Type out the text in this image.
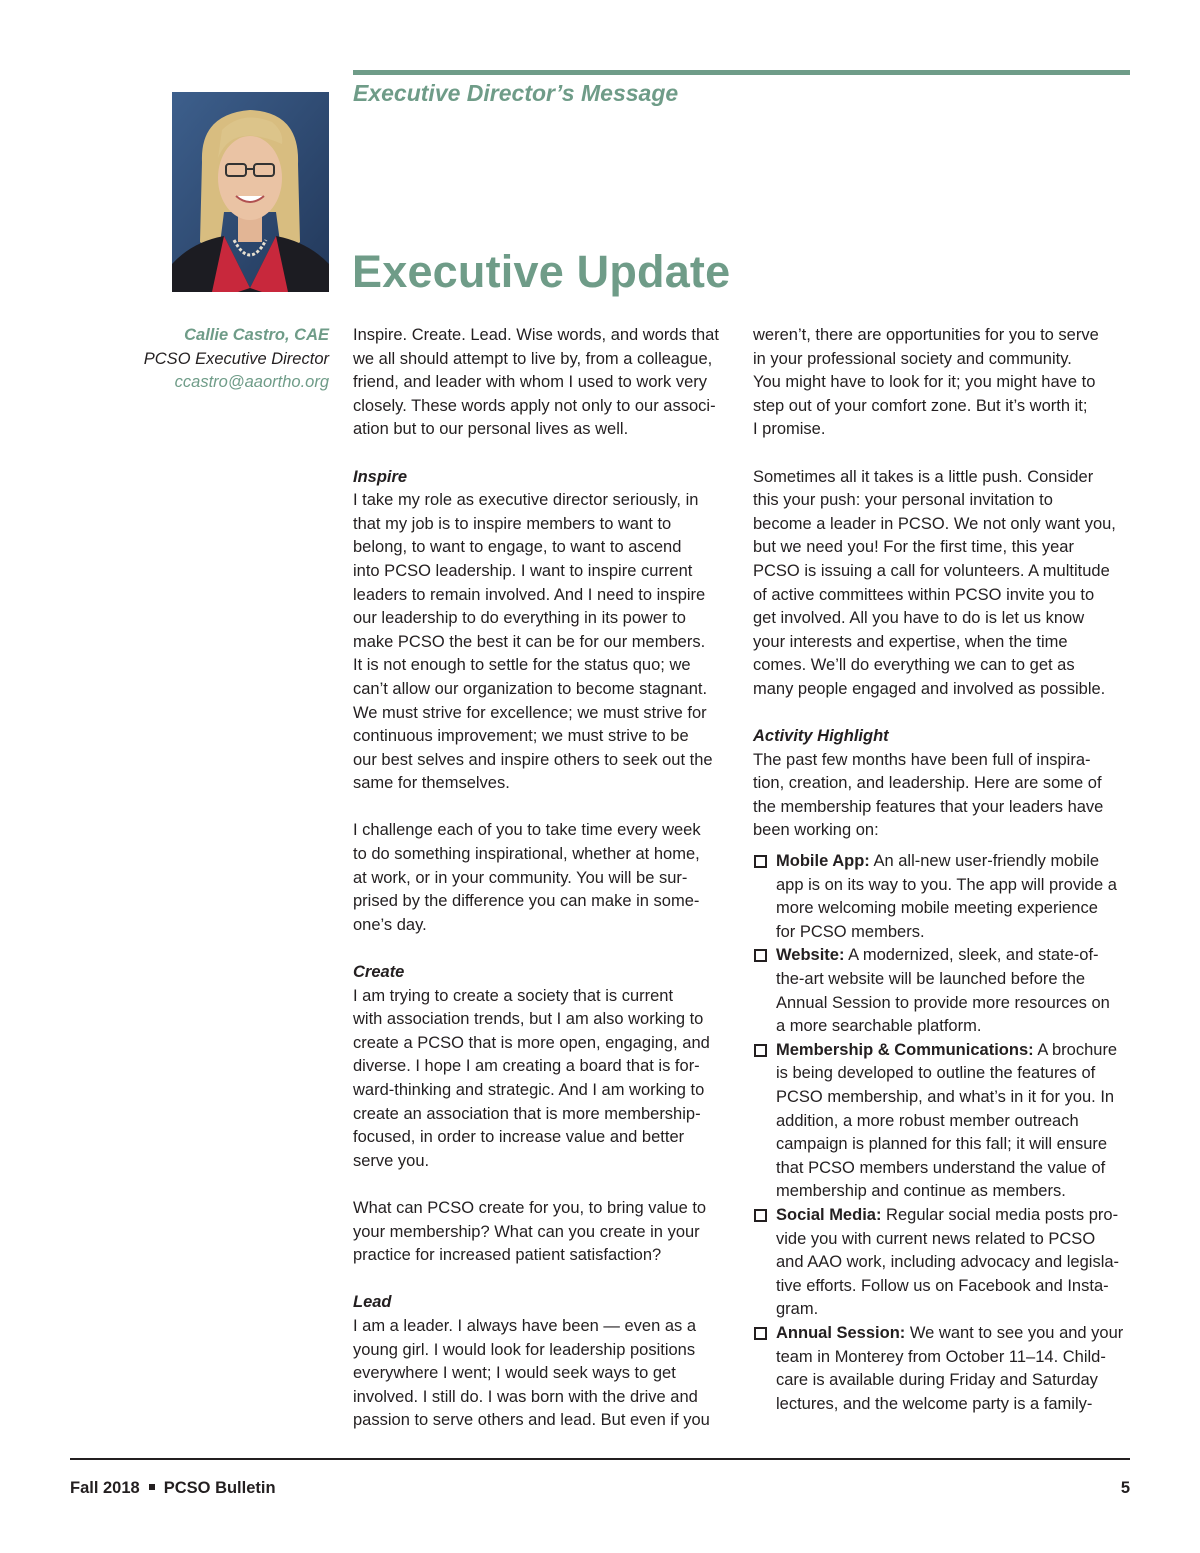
Executive Director’s Message
Executive Update
Callie Castro, CAE
PCSO Executive Director
ccastro@aaortho.org

Inspire. Create. Lead. Wise words, and words that

we all should attempt to live by, from a colleague,

friend, and leader with whom I used to work very

closely. These words apply not only to our associ-

ation but to our personal lives as well.

Inspire

I take my role as executive director seriously, in

that my job is to inspire members to want to

belong, to want to engage, to want to ascend

into PCSO leadership. I want to inspire current

leaders to remain involved. And I need to inspire

our leadership to do everything in its power to

make PCSO the best it can be for our members.

It is not enough to settle for the status quo; we

can’t allow our organization to become stagnant.

We must strive for excellence; we must strive for

continuous improvement; we must strive to be

our best selves and inspire others to seek out the

same for themselves.

I challenge each of you to take time every week

to do something inspirational, whether at home,

at work, or in your community. You will be sur-

prised by the difference you can make in some-

one’s day.

Create

I am trying to create a society that is current

with association trends, but I am also working to

create a PCSO that is more open, engaging, and

diverse. I hope I am creating a board that is for-

ward-thinking and strategic. And I am working to

create an association that is more membership-

focused, in order to increase value and better

serve you.

What can PCSO create for you, to bring value to

your membership? What can you create in your

practice for increased patient satisfaction?

Lead

I am a leader. I always have been — even as a

young girl. I would look for leadership positions

everywhere I went; I would seek ways to get

involved. I still do. I was born with the drive and

passion to serve others and lead. But even if you

weren’t, there are opportunities for you to serve

in your professional society and community.

You might have to look for it; you might have to

step out of your comfort zone. But it’s worth it;

I promise.

Sometimes all it takes is a little push. Consider

this your push: your personal invitation to

become a leader in PCSO. We not only want you,

but we need you! For the first time, this year

PCSO is issuing a call for volunteers. A multitude

of active committees within PCSO invite you to

get involved. All you have to do is let us know

your interests and expertise, when the time

comes. We’ll do everything we can to get as

many people engaged and involved as possible.

Activity Highlight

The past few months have been full of inspira-

tion, creation, and leadership. Here are some of

the membership features that your leaders have

been working on:

Mobile App: An all-new user-friendly mobile

app is on its way to you. The app will provide a

more welcoming mobile meeting experience

for PCSO members.

Website: A modernized, sleek, and state-of-

the-art website will be launched before the

Annual Session to provide more resources on

a more searchable platform.

Membership & Communications: A brochure

is being developed to outline the features of

PCSO membership, and what’s in it for you. In

addition, a more robust member outreach

campaign is planned for this fall; it will ensure

that PCSO members understand the value of

membership and continue as members.

Social Media: Regular social media posts pro-

vide you with current news related to PCSO

and AAO work, including advocacy and legisla-

tive efforts. Follow us on Facebook and Insta-

gram.

Annual Session: We want to see you and your

team in Monterey from October 11–14. Child-

care is available during Friday and Saturday

lectures, and the welcome party is a family-

Fall 2018 PCSO Bulletin	5
